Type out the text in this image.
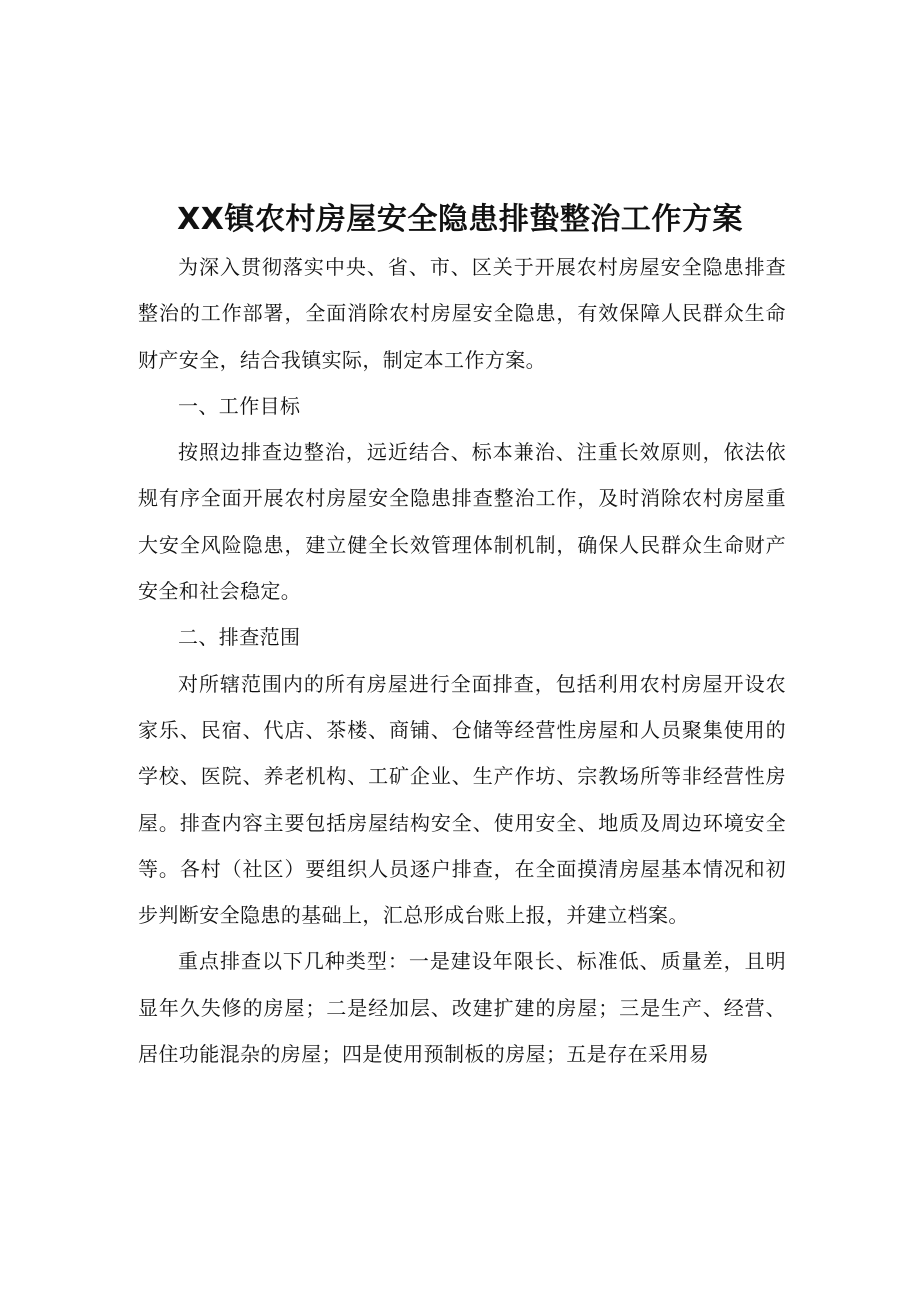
XX镇农村房屋安全隐患排蛰整治工作方案

为深入贯彻落实中央、省、市、区关于开展农村房屋安全隐患排查整治的工作部署，全面消除农村房屋安全隐患，有效保障人民群众生命财产安全，结合我镇实际，制定本工作方案。

一、工作目标

按照边排查边整治，远近结合、标本兼治、注重长效原则，依法依规有序全面开展农村房屋安全隐患排查整治工作，及时消除农村房屋重大安全风险隐患，建立健全长效管理体制机制，确保人民群众生命财产安全和社会稳定。

二、排查范围

对所辖范围内的所有房屋进行全面排查，包括利用农村房屋开设农家乐、民宿、代店、茶楼、商铺、仓储等经营性房屋和人员聚集使用的学校、医院、养老机构、工矿企业、生产作坊、宗教场所等非经营性房屋。排查内容主要包括房屋结构安全、使用安全、地质及周边环境安全等。各村（社区）要组织人员逐户排查，在全面摸清房屋基本情况和初步判断安全隐患的基础上，汇总形成台账上报，并建立档案。

重点排查以下几种类型：一是建设年限长、标准低、质量差，且明显年久失修的房屋；二是经加层、改建扩建的房屋；三是生产、经营、居住功能混杂的房屋；四是使用预制板的房屋；五是存在采用易
